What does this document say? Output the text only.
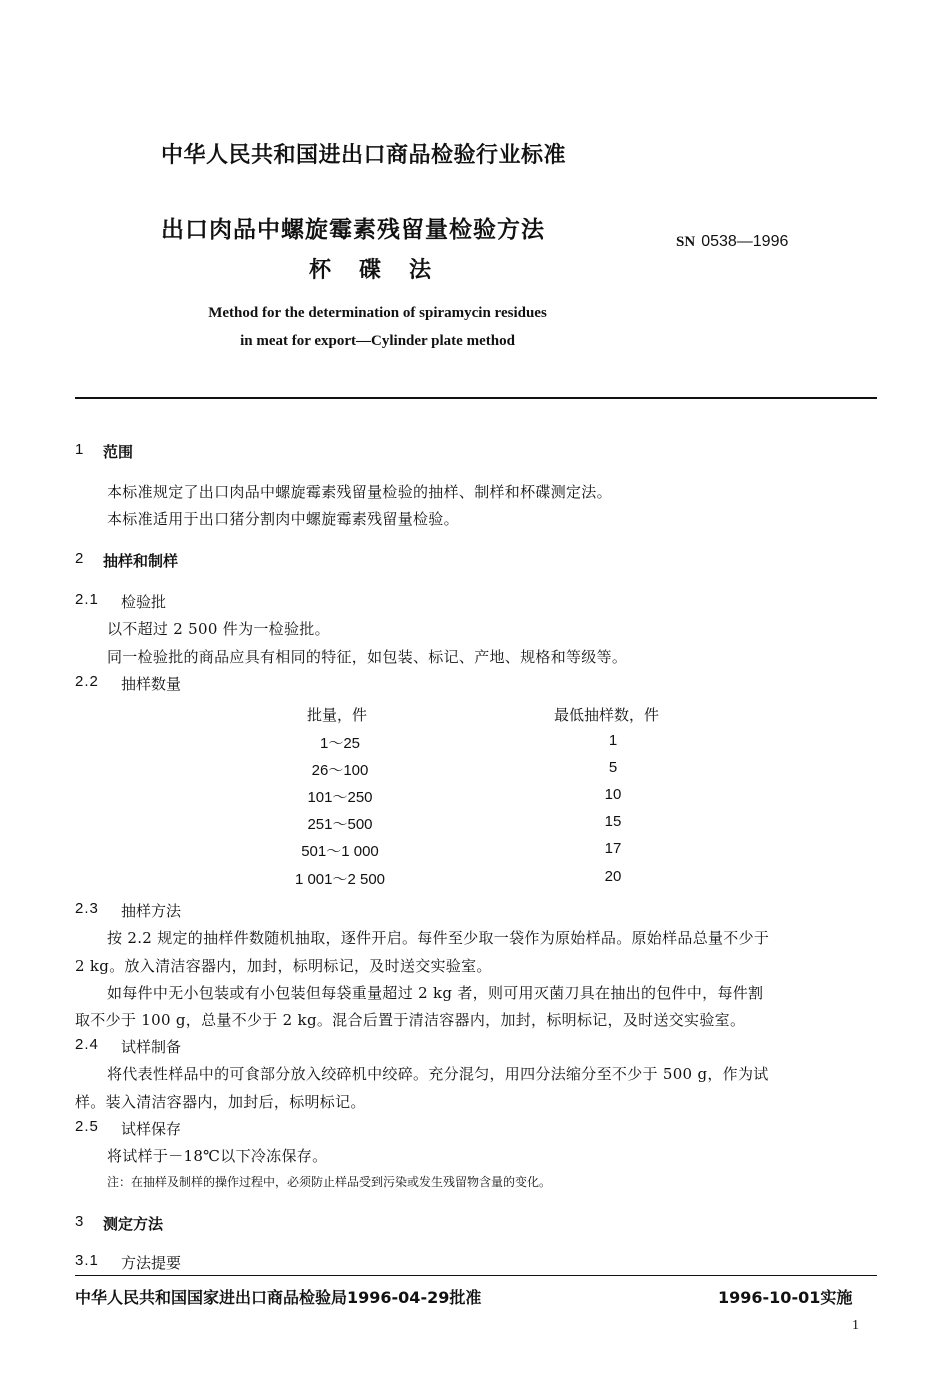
中华人民共和国进出口商品检验行业标准
出口肉品中螺旋霉素残留量检验方法
杯碟法
SN 0538—1996
Method for the determination of spiramycin residues
in meat for export—Cylinder plate method
1 范围
本标准规定了出口肉品中螺旋霉素残留量检验的抽样、制样和杯碟测定法。
本标准适用于出口猪分割肉中螺旋霉素残留量检验。
2 抽样和制样
2.1 检验批
以不超过 2 500 件为一检验批。
同一检验批的商品应具有相同的特征，如包装、标记、产地、规格和等级等。
2.2 抽样数量
批量，件	最低抽样数，件
1～25	1
26～100	5
101～250	10
251～500	15
501～1 000	17
1 001～2 500	20
2.3 抽样方法
按 2.2 规定的抽样件数随机抽取，逐件开启。每件至少取一袋作为原始样品。原始样品总量不少于
2 kg。放入清洁容器内，加封，标明标记，及时送交实验室。
如每件中无小包装或有小包装但每袋重量超过 2 kg 者，则可用灭菌刀具在抽出的包件中，每件割
取不少于 100 g，总量不少于 2 kg。混合后置于清洁容器内，加封，标明标记，及时送交实验室。
2.4 试样制备
将代表性样品中的可食部分放入绞碎机中绞碎。充分混匀，用四分法缩分至不少于 500 g，作为试
样。装入清洁容器内，加封后，标明标记。
2.5 试样保存
将试样于－18℃以下冷冻保存。
注：在抽样及制样的操作过程中，必须防止样品受到污染或发生残留物含量的变化。
3 测定方法
3.1 方法提要
中华人民共和国国家进出口商品检验局1996-04-29批准	1996-10-01实施
1
